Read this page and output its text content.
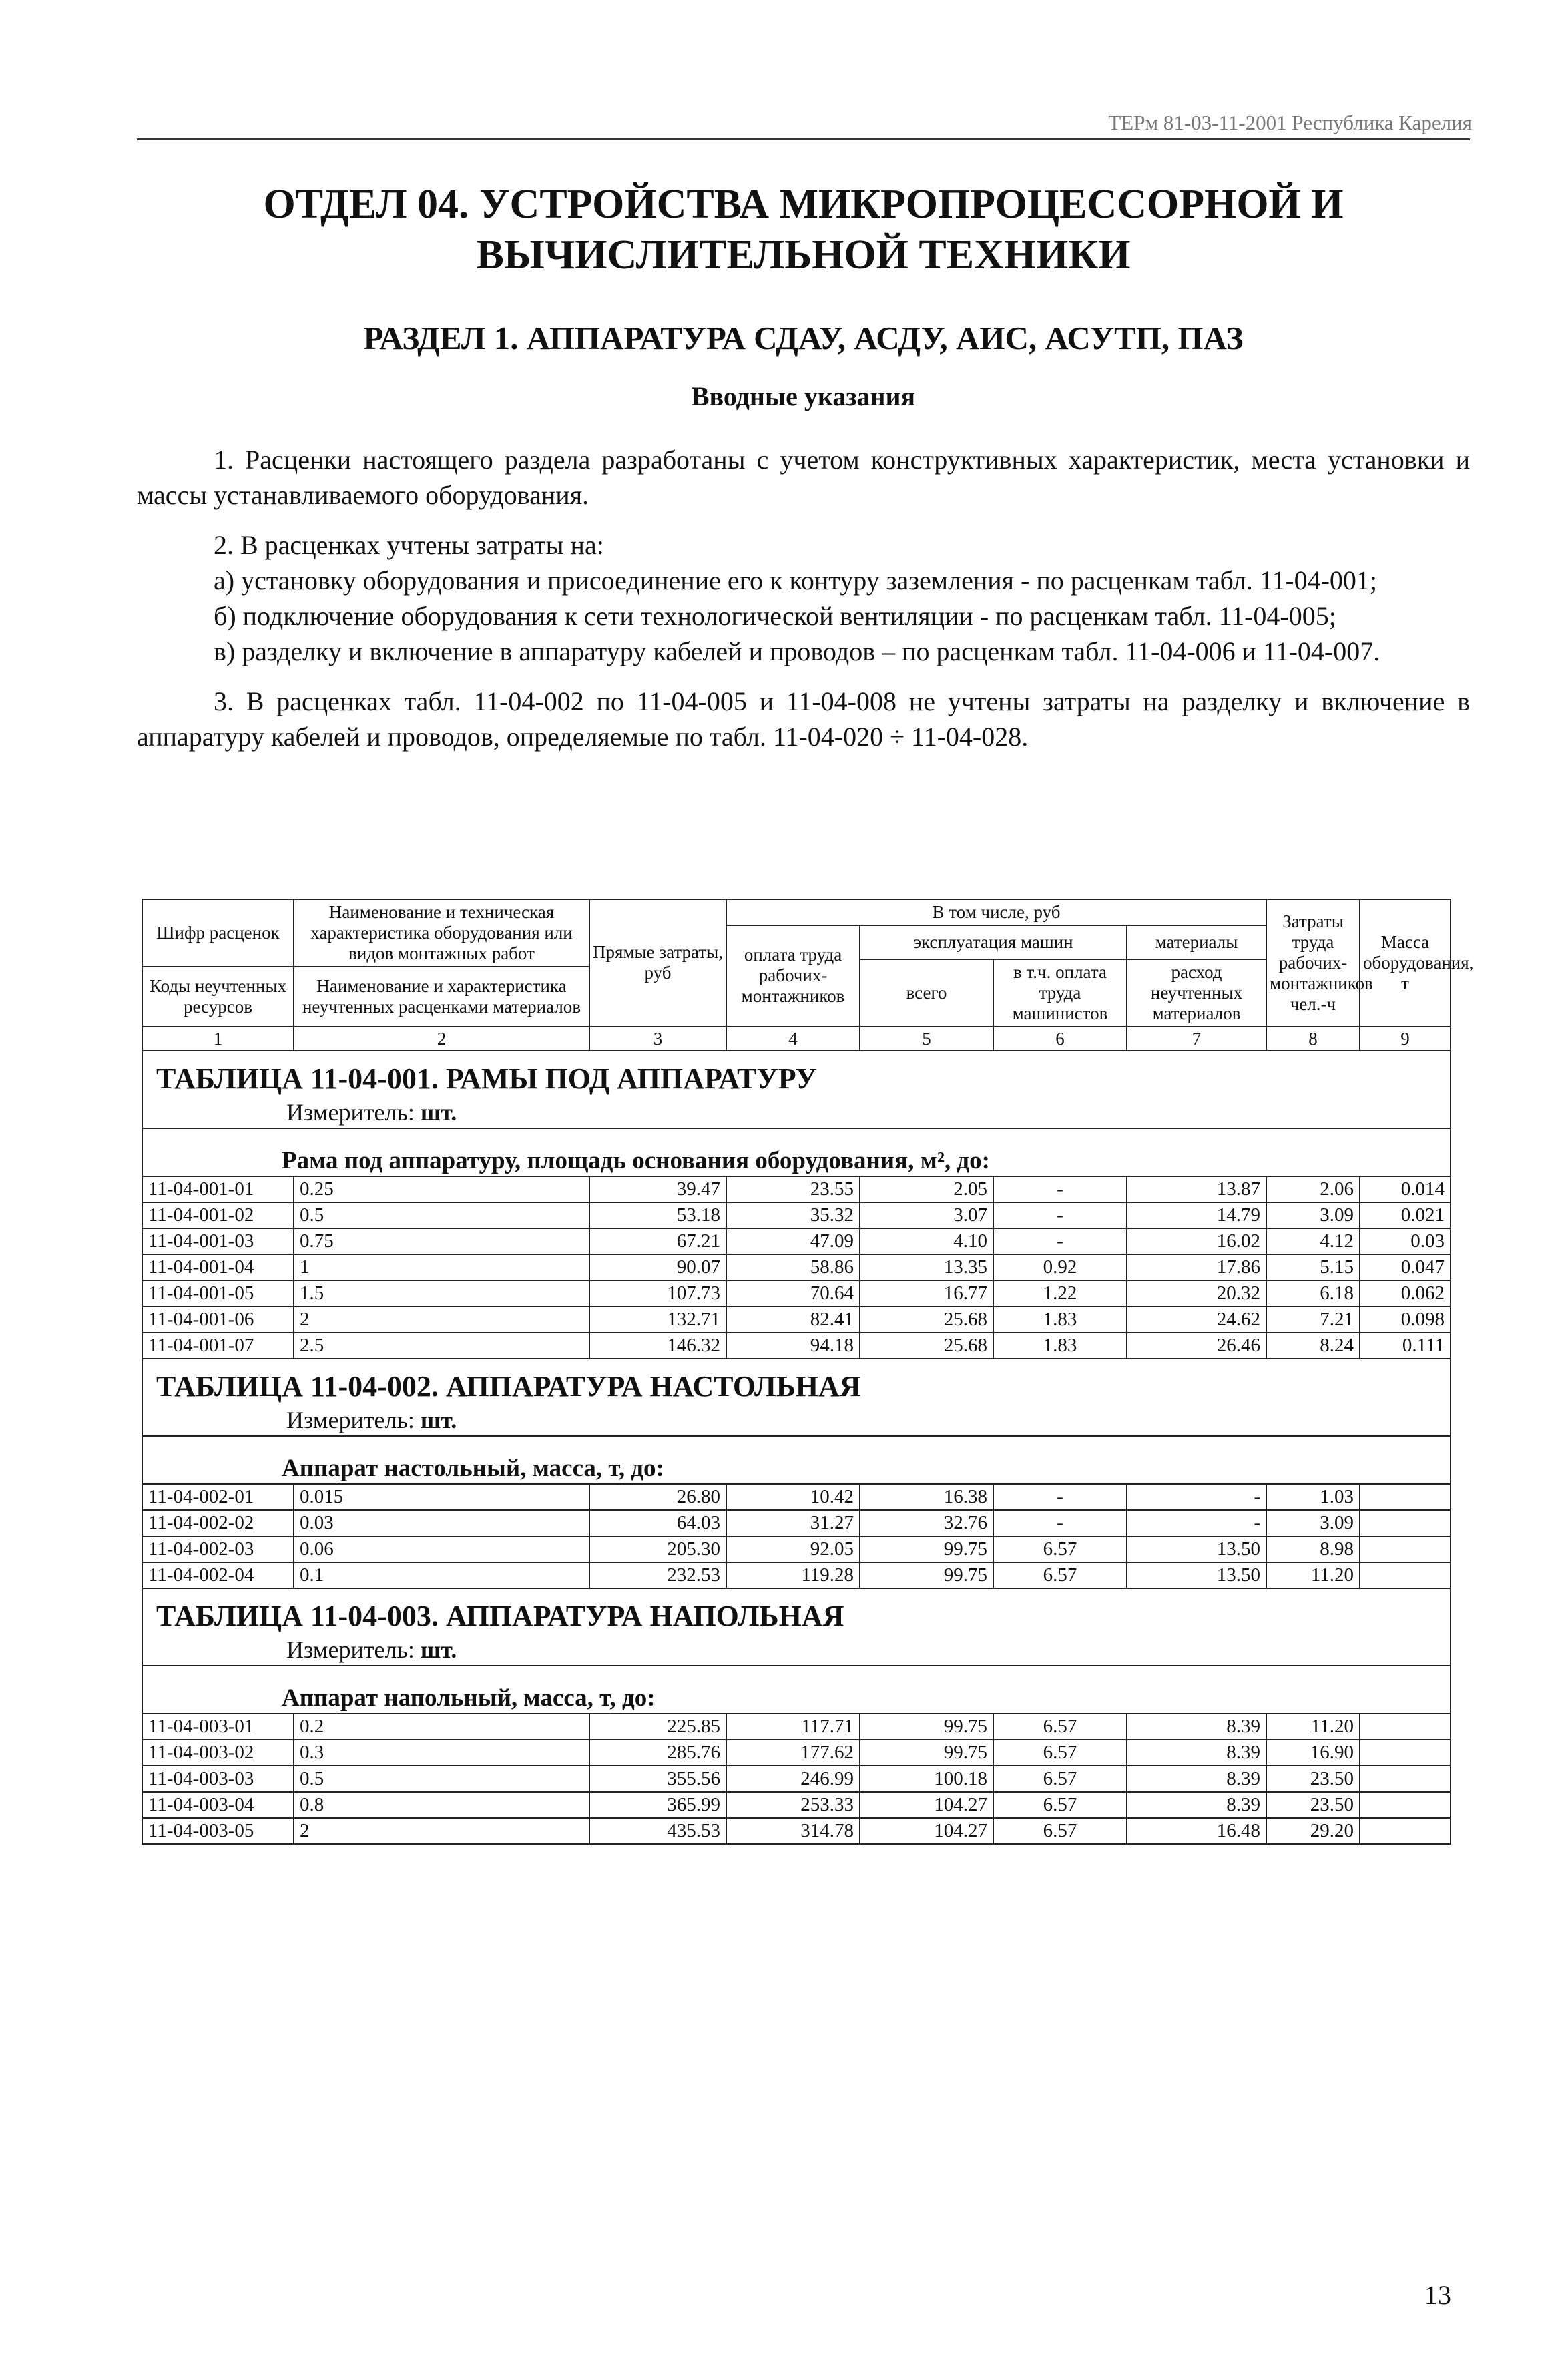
ТЕРм 81-03-11-2001 Республика Карелия
ОТДЕЛ 04. УСТРОЙСТВА МИКРОПРОЦЕССОРНОЙ И
ВЫЧИСЛИТЕЛЬНОЙ ТЕХНИКИ
РАЗДЕЛ 1. АППАРАТУРА СДАУ, АСДУ, АИС, АСУТП, ПАЗ
Вводные указания

1. Расценки настоящего раздела разработаны с учетом конструктивных характеристик, места установки и массы устанавливаемого оборудования.

2. В расценках учтены затраты на:

а) установку оборудования и присоединение его к контуру заземления - по расценкам табл. 11-04-001;

б) подключение оборудования к сети технологической вентиляции - по расценкам табл. 11-04-005;

в) разделку и включение в аппаратуру кабелей и проводов – по расценкам табл. 11-04-006 и 11-04-007.

3. В расценках табл. 11-04-002 по 11-04-005 и 11-04-008 не учтены затраты на разделку и включение в аппаратуру кабелей и проводов, определяемые по табл. 11-04-020 ÷ 11-04-028.

Шифр расценок	Наименование и техническая характеристика оборудования или видов монтажных работ	Прямые затраты, руб	В том числе, руб				Затраты труда рабочих-монтажников чел.-ч	Масса оборудования, т
			оплата труда рабочих-монтажников	эксплуатация машин		материалы		
				всего	в т.ч. оплата труда машинистов	расход неучтенных материалов		
Коды неучтенных ресурсов	Наименование и характеристика неучтенных расценками материалов							

1	2	3	4	5	6	7	8	9
ТАБЛИЦА 11-04-001. РАМЫ ПОД АППАРАТУРУ
Измеритель: шт.								

Рама под аппаратуру, площадь основания оборудования, м², до:								
11-04-001-01	0.25	39.47	23.55	2.05	-	13.87	2.06	0.014
11-04-001-02	0.5	53.18	35.32	3.07	-	14.79	3.09	0.021
11-04-001-03	0.75	67.21	47.09	4.10	-	16.02	4.12	0.03
11-04-001-04	1	90.07	58.86	13.35	0.92	17.86	5.15	0.047
11-04-001-05	1.5	107.73	70.64	16.77	1.22	20.32	6.18	0.062
11-04-001-06	2	132.71	82.41	25.68	1.83	24.62	7.21	0.098
11-04-001-07	2.5	146.32	94.18	25.68	1.83	26.46	8.24	0.111
ТАБЛИЦА 11-04-002. АППАРАТУРА НАСТОЛЬНАЯ
Измеритель: шт.								

Аппарат настольный, масса, т, до:								
11-04-002-01	0.015	26.80	10.42	16.38	-	-	1.03	
11-04-002-02	0.03	64.03	31.27	32.76	-	-	3.09	
11-04-002-03	0.06	205.30	92.05	99.75	6.57	13.50	8.98	
11-04-002-04	0.1	232.53	119.28	99.75	6.57	13.50	11.20	
ТАБЛИЦА 11-04-003. АППАРАТУРА НАПОЛЬНАЯ
Измеритель: шт.								

Аппарат напольный, масса, т, до:								
11-04-003-01	0.2	225.85	117.71	99.75	6.57	8.39	11.20	
11-04-003-02	0.3	285.76	177.62	99.75	6.57	8.39	16.90	
11-04-003-03	0.5	355.56	246.99	100.18	6.57	8.39	23.50	
11-04-003-04	0.8	365.99	253.33	104.27	6.57	8.39	23.50	
11-04-003-05	2	435.53	314.78	104.27	6.57	16.48	29.20	
13
